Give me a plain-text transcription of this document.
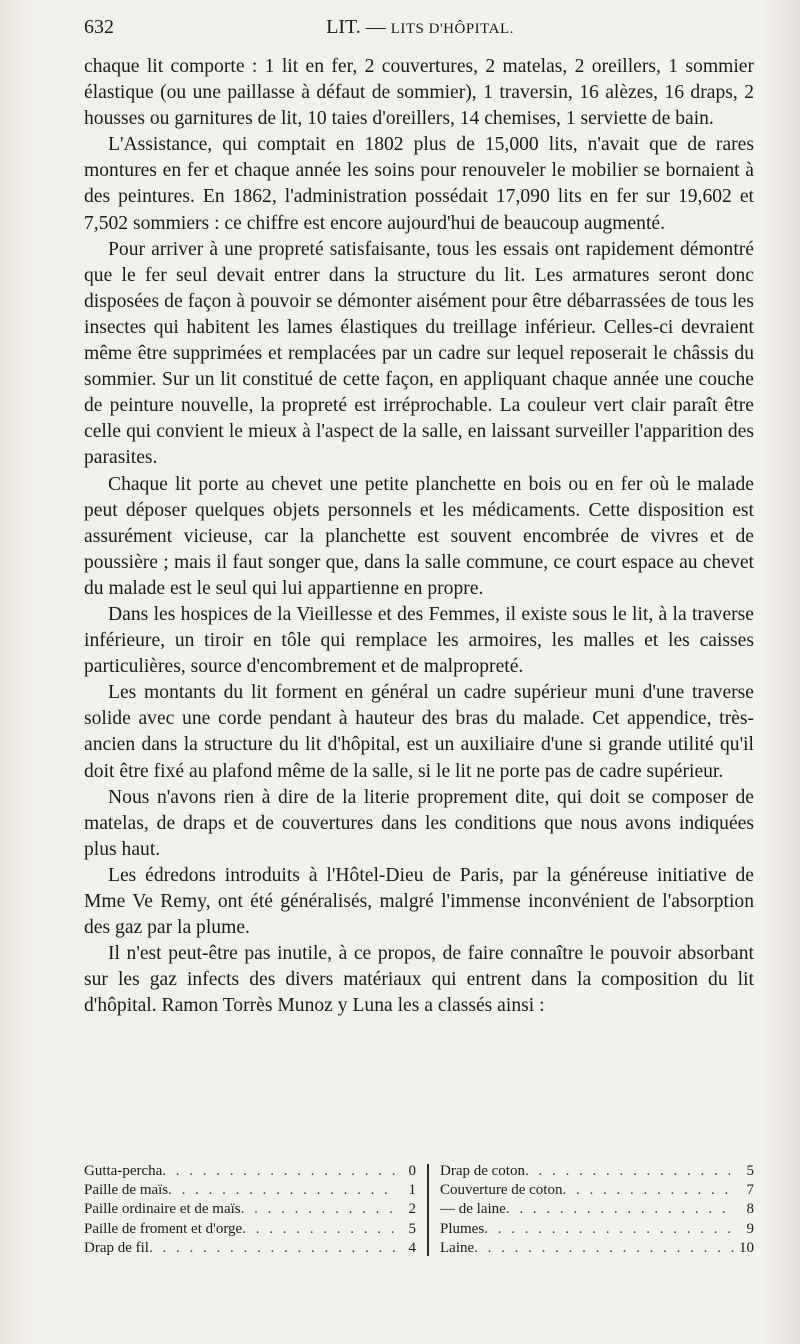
632	LIT. — LITS D'HÔPITAL.

chaque lit comporte : 1 lit en fer, 2 couvertures, 2 matelas, 2 oreillers, 1 sommier élastique (ou une paillasse à défaut de sommier), 1 traversin, 16 alèzes, 16 draps, 2 housses ou garnitures de lit, 10 taies d'oreillers, 14 chemises, 1 serviette de bain.

L'Assistance, qui comptait en 1802 plus de 15,000 lits, n'avait que de rares montures en fer et chaque année les soins pour renouveler le mobilier se bornaient à des peintures. En 1862, l'administration possédait 17,090 lits en fer sur 19,602 et 7,502 sommiers : ce chiffre est encore aujourd'hui de beaucoup augmenté.

Pour arriver à une propreté satisfaisante, tous les essais ont rapidement démontré que le fer seul devait entrer dans la structure du lit. Les armatures seront donc disposées de façon à pouvoir se démonter aisément pour être débarrassées de tous les insectes qui habitent les lames élastiques du treillage inférieur. Celles-ci devraient même être supprimées et remplacées par un cadre sur lequel reposerait le châssis du sommier. Sur un lit constitué de cette façon, en appliquant chaque année une couche de peinture nouvelle, la propreté est irréprochable. La couleur vert clair paraît être celle qui convient le mieux à l'aspect de la salle, en laissant surveiller l'apparition des parasites.

Chaque lit porte au chevet une petite planchette en bois ou en fer où le malade peut déposer quelques objets personnels et les médicaments. Cette disposition est assurément vicieuse, car la planchette est souvent encombrée de vivres et de poussière ; mais il faut songer que, dans la salle commune, ce court espace au chevet du malade est le seul qui lui appartienne en propre.

Dans les hospices de la Vieillesse et des Femmes, il existe sous le lit, à la traverse inférieure, un tiroir en tôle qui remplace les armoires, les malles et les caisses particulières, source d'encombrement et de malpropreté.

Les montants du lit forment en général un cadre supérieur muni d'une traverse solide avec une corde pendant à hauteur des bras du malade. Cet appendice, très-ancien dans la structure du lit d'hôpital, est un auxiliaire d'une si grande utilité qu'il doit être fixé au plafond même de la salle, si le lit ne porte pas de cadre supérieur.

Nous n'avons rien à dire de la literie proprement dite, qui doit se composer de matelas, de draps et de couvertures dans les conditions que nous avons indiquées plus haut.

Les édredons introduits à l'Hôtel-Dieu de Paris, par la généreuse initiative de Mme Ve Remy, ont été généralisés, malgré l'immense inconvénient de l'absorption des gaz par la plume.

Il n'est peut-être pas inutile, à ce propos, de faire connaître le pouvoir absorbant sur les gaz infects des divers matériaux qui entrent dans la composition du lit d'hôpital. Ramon Torrès Munoz y Luna les a classés ainsi :

Gutta-percha . . .	0
Paille de maïs . . .	1
Paille ordinaire et de maïs . . .	2
Paille de froment et d'orge . . .	5
Drap de fil . . .	4
Drap de coton . . .	5
Couverture de coton . . .	7
— de laine . . .	8
Plumes . . .	9
Laine . . .	10
